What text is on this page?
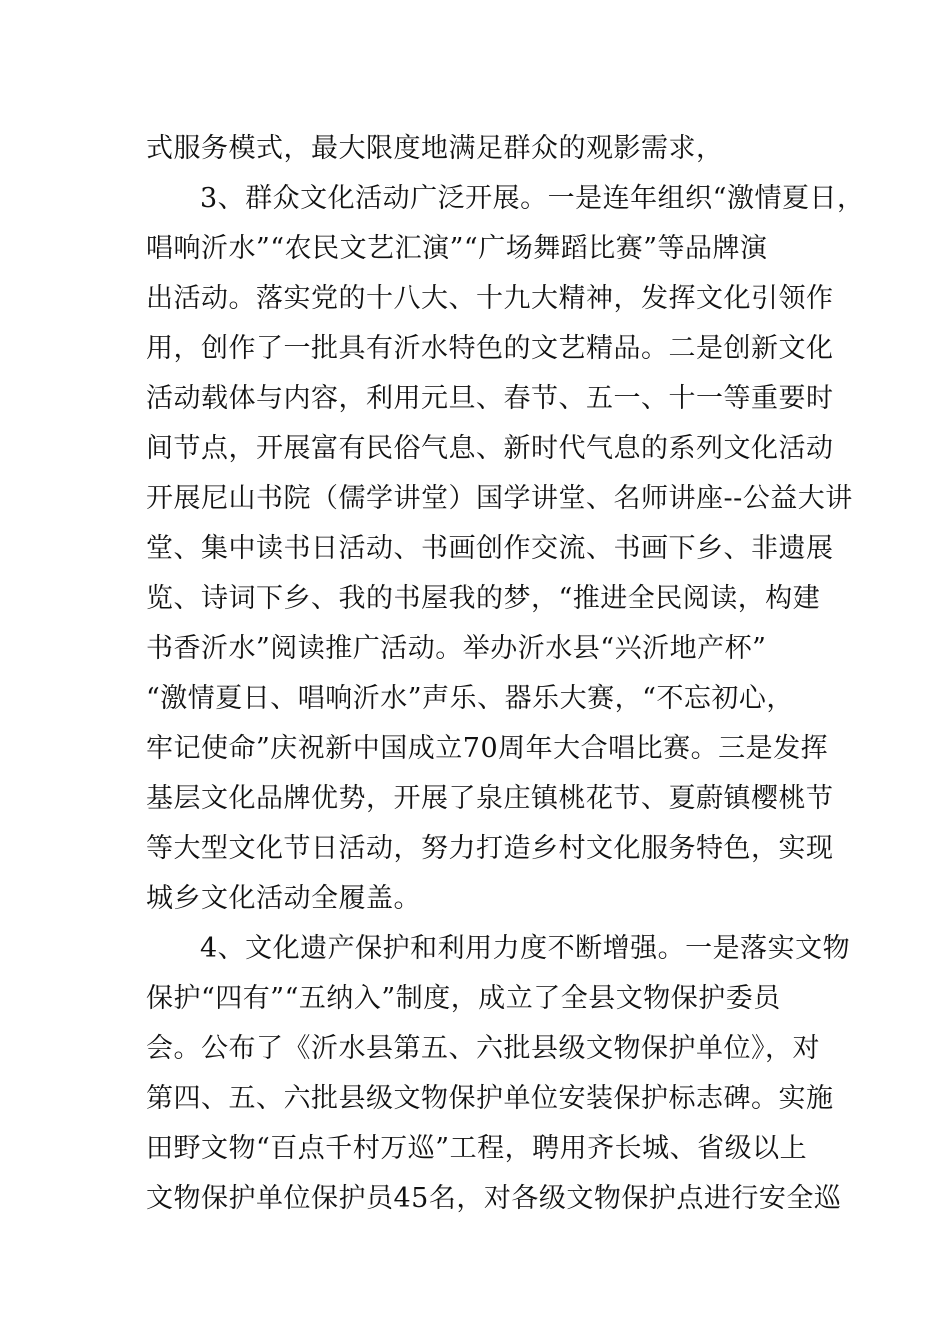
式服务模式，最大限度地满足群众的观影需求，
3、群众文化活动广泛开展。一是连年组织“激情夏日，
唱响沂水”“农民文艺汇演”“广场舞蹈比赛”等品牌演
出活动。落实党的十八大、十九大精神，发挥文化引领作
用，创作了一批具有沂水特色的文艺精品。二是创新文化
活动载体与内容，利用元旦、春节、五一、十一等重要时
间节点，开展富有民俗气息、新时代气息的系列文化活动
开展尼山书院（儒学讲堂）国学讲堂、名师讲座--公益大讲
堂、集中读书日活动、书画创作交流、书画下乡、非遗展
览、诗词下乡、我的书屋我的梦，“推进全民阅读，构建
书香沂水”阅读推广活动。举办沂水县“兴沂地产杯”
“激情夏日、唱响沂水”声乐、器乐大赛，“不忘初心，
牢记使命”庆祝新中国成立70周年大合唱比赛。三是发挥
基层文化品牌优势，开展了泉庄镇桃花节、夏蔚镇樱桃节
等大型文化节日活动，努力打造乡村文化服务特色，实现
城乡文化活动全履盖。
4、文化遗产保护和利用力度不断增强。一是落实文物
保护“四有”“五纳入”制度，成立了全县文物保护委员
会。公布了《沂水县第五、六批县级文物保护单位》，对
第四、五、六批县级文物保护单位安装保护标志碑。实施
田野文物“百点千村万巡”工程，聘用齐长城、省级以上
文物保护单位保护员45名，对各级文物保护点进行安全巡
